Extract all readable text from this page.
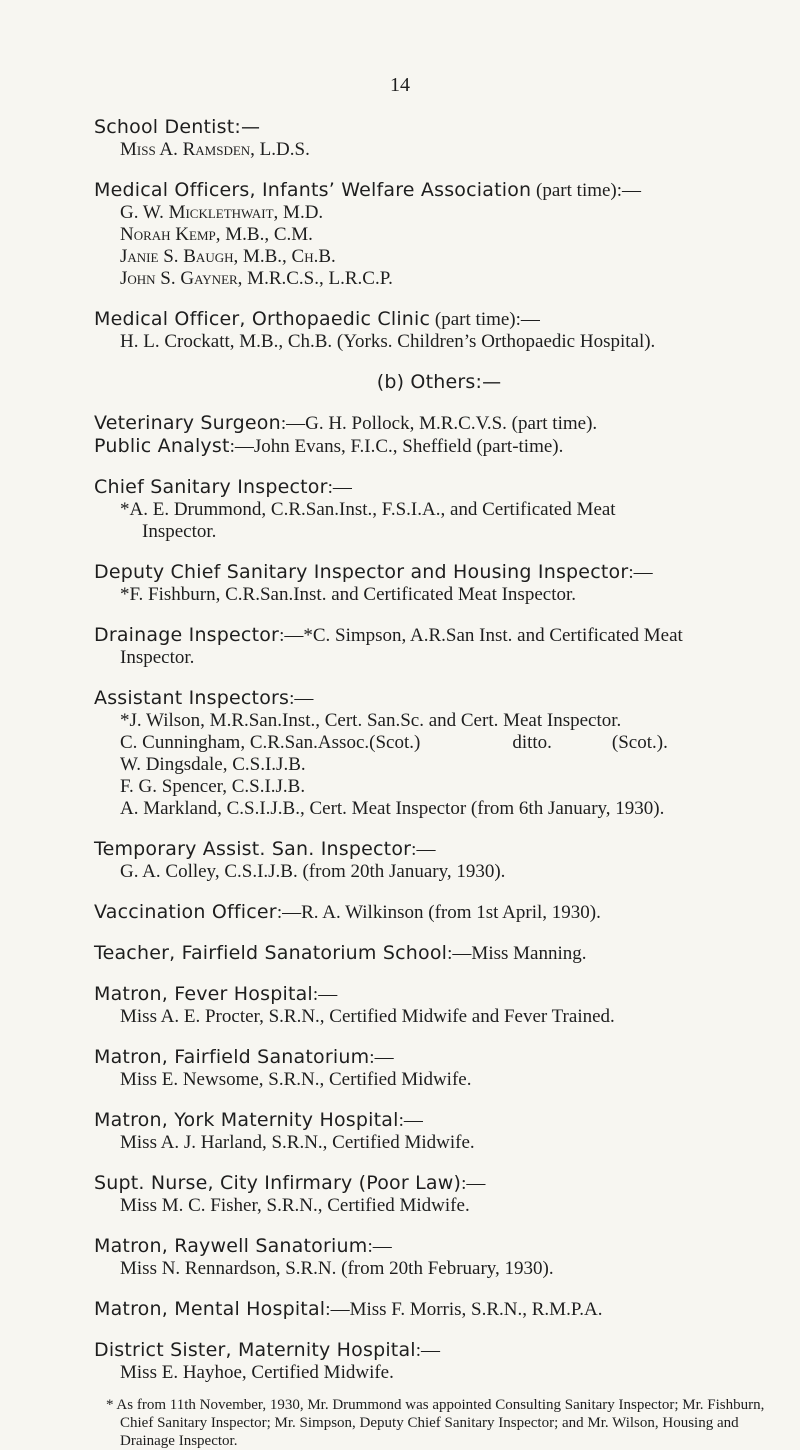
14
School Dentist:—
Miss A. Ramsden, L.D.S.
Medical Officers, Infants’ Welfare Association (part time):—
G. W. Micklethwait, M.D.
Norah Kemp, M.B., C.M.
Janie S. Baugh, M.B., Ch.B.
John S. Gayner, M.R.C.S., L.R.C.P.
Medical Officer, Orthopaedic Clinic (part time):—
H. L. Crockatt, M.B., Ch.B. (Yorks. Children’s Orthopaedic Hospital).
(b) Others:—
Veterinary Surgeon:—G. H. Pollock, M.R.C.V.S. (part time).
Public Analyst:—John Evans, F.I.C., Sheffield (part-time).
Chief Sanitary Inspector:—
*A. E. Drummond, C.R.San.Inst., F.S.I.A., and Certificated Meat
Inspector.
Deputy Chief Sanitary Inspector and Housing Inspector:—
*F. Fishburn, C.R.San.Inst. and Certificated Meat Inspector.
Drainage Inspector:—*C. Simpson, A.R.San Inst. and Certificated Meat
Inspector.
Assistant Inspectors:—
*J. Wilson, M.R.San.Inst., Cert. San.Sc. and Cert. Meat Inspector.
C. Cunningham, C.R.San.Assoc.(Scot.)	ditto.	(Scot.).
W. Dingsdale, C.S.I.J.B.
F. G. Spencer, C.S.I.J.B.
A. Markland, C.S.I.J.B., Cert. Meat Inspector (from 6th January, 1930).
Temporary Assist. San. Inspector:—
G. A. Colley, C.S.I.J.B. (from 20th January, 1930).
Vaccination Officer:—R. A. Wilkinson (from 1st April, 1930).
Teacher, Fairfield Sanatorium School:—Miss Manning.
Matron, Fever Hospital:—
Miss A. E. Procter, S.R.N., Certified Midwife and Fever Trained.
Matron, Fairfield Sanatorium:—
Miss E. Newsome, S.R.N., Certified Midwife.
Matron, York Maternity Hospital:—
Miss A. J. Harland, S.R.N., Certified Midwife.
Supt. Nurse, City Infirmary (Poor Law):—
Miss M. C. Fisher, S.R.N., Certified Midwife.
Matron, Raywell Sanatorium:—
Miss N. Rennardson, S.R.N. (from 20th February, 1930).
Matron, Mental Hospital:—Miss F. Morris, S.R.N., R.M.P.A.
District Sister, Maternity Hospital:—
Miss E. Hayhoe, Certified Midwife.
* As from 11th November, 1930, Mr. Drummond was appointed Consulting Sanitary Inspector; Mr. Fishburn, Chief Sanitary Inspector; Mr. Simpson, Deputy Chief Sanitary Inspector; and Mr. Wilson, Housing and Drainage Inspector.
